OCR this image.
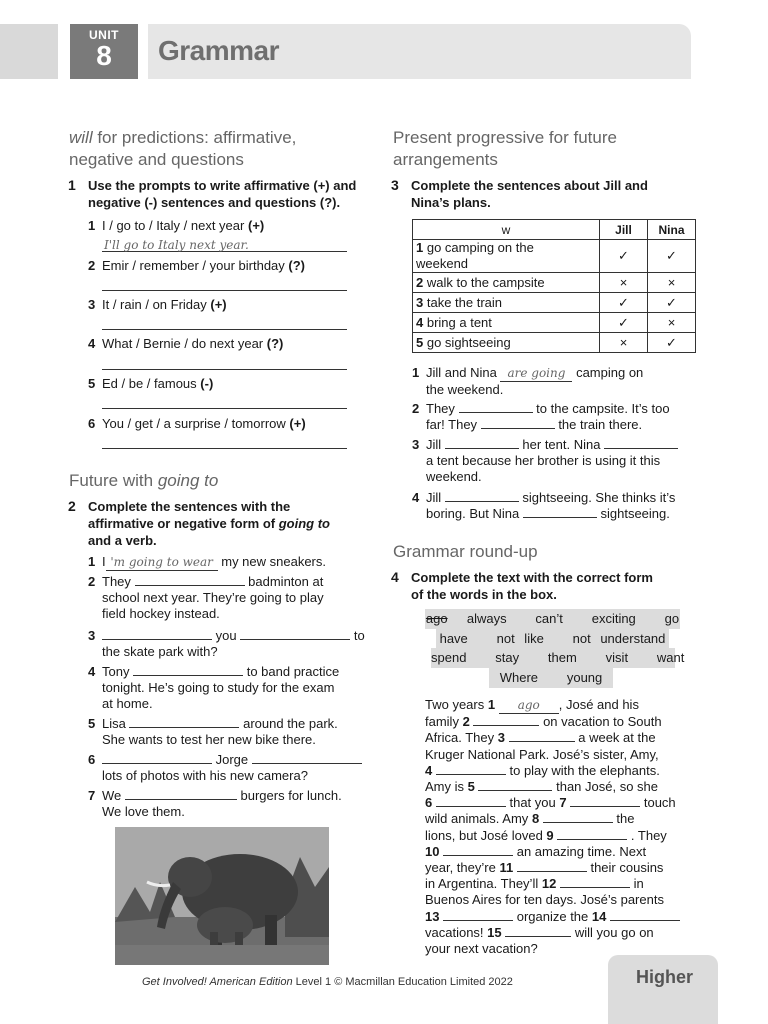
UNIT
8	Grammar
will for predictions: affirmative,
negative and questions
1 Use the prompts to write affirmative (+) and
negative (-) sentences and questions (?).
1 I / go to / Italy / next year (+)
I'll go to Italy next year.
2 Emir / remember / your birthday (?)
3 It / rain / on Friday (+)
4 What / Bernie / do next year (?)
5 Ed / be / famous (-)
6 You / get / a surprise / tomorrow (+)
Future with going to
2 Complete the sentences with the
affirmative or negative form of going to
and a verb.
1 I 'm going to wear my new sneakers.
2 They	badminton at
school next year. They’re going to play
field hockey instead.
3	you	to
the skate park with?
4 Tony	to band practice
tonight. He’s going to study for the exam
at home.
5 Lisa	around the park.
She wants to test her new bike there.
6	Jorge
lots of photos with his new camera?
7 We	burgers for lunch.
We love them.
Present progressive for future
arrangements
3 Complete the sentences about Jill and
Nina’s plans.
w	Jill	Nina
1 go camping on the
weekend	✓	✓
2 walk to the campsite	×	×
3 take the train	✓	✓
4 bring a tent	✓	×
5 go sightseeing	×	✓
1 Jill and Nina are going camping on
the weekend.
2 They	to the campsite. It’s too
far! They	the train there.
3 Jill	her tent. Nina
a tent because her brother is using it this
weekend.
4 Jill	sightseeing. She thinks it’s
boring. But Nina	sightseeing.
Grammar round-up
4 Complete the text with the correct form
of the words in the box.
ago always   can’t   exciting   go
have   not like   not understand
spend   stay   them   visit   want
Where   young
Two years 1 ago , José and his
family 2	on vacation to South
Africa. They 3	a week at the
Kruger National Park. José’s sister, Amy,
4	to play with the elephants.
Amy is 5	than José, so she
6	that you 7	touch
wild animals. Amy 8	the
lions, but José loved 9	. They
10	an amazing time. Next
year, they’re 11	their cousins
in Argentina. They’ll 12	in
Buenos Aires for ten days. José’s parents
13	organize the 14
vacations! 15	will you go on
your next vacation?
Get Involved! American Edition Level 1 © Macmillan Education Limited 2022	Higher
